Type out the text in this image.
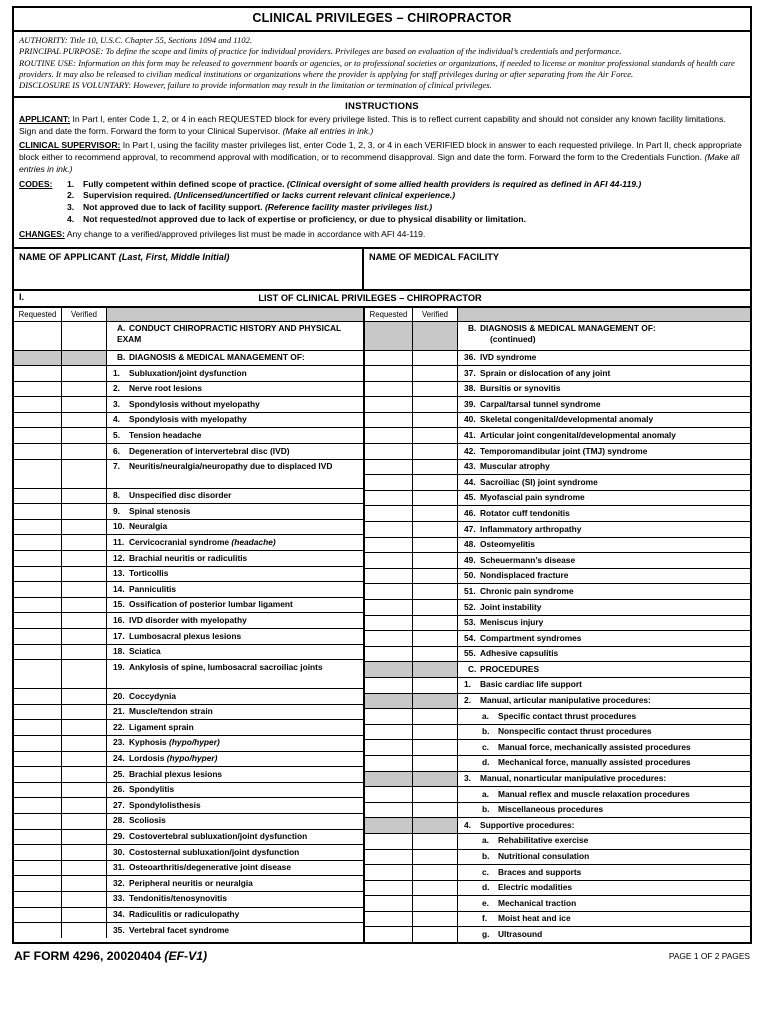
CLINICAL PRIVILEGES – CHIROPRACTOR

AUTHORITY: Title 10, U.S.C. Chapter 55, Sections 1094 and 1102.

PRINCIPAL PURPOSE: To define the scope and limits of practice for individual providers. Privileges are based on evaluation of the individual’s credentials and performance.

ROUTINE USE: Information on this form may be released to government boards or agencies, or to professional societies or organizations, if needed to license or monitor professional standards of health care providers. It may also be released to civilian medical institutions or organizations where the provider is applying for staff privileges during or after separating from the Air Force.

DISCLOSURE IS VOLUNTARY: However, failure to provide information may result in the limitation or termination of clinical privileges.

INSTRUCTIONS

APPLICANT: In Part I, enter Code 1, 2, or 4 in each REQUESTED block for every privilege listed. This is to reflect current capability and should not consider any known facility limitations. Sign and date the form. Forward the form to your Clinical Supervisor. (Make all entries in ink.)

CLINICAL SUPERVISOR: In Part I, using the facility master privileges list, enter Code 1, 2, 3, or 4 in each VERIFIED block in answer to each requested privilege. In Part II, check appropriate block either to recommend approval, to recommend approval with modification, or to recommend disapproval. Sign and date the form. Forward the form to the Credentials Function. (Make all entries in ink.)

CODES:	1.	Fully competent within defined scope of practice. (Clinical oversight of some allied health providers is required as defined in AFI 44-119.)
2.	Supervision required. (Unlicensed/uncertified or lacks current relevant clinical experience.)
3.	Not approved due to lack of facility support. (Reference facility master privileges list.)
4.	Not requested/not approved due to lack of expertise or proficiency, or due to physical disability or limitation.

CHANGES: Any change to a verified/approved privileges list must be made in accordance with AFI 44-119.

NAME OF APPLICANT (Last, First, Middle Initial)	NAME OF MEDICAL FACILITY
I.	LIST OF CLINICAL PRIVILEGES – CHIROPRACTOR
Requested	Verified
A. CONDUCT CHIROPRACTIC HISTORY AND PHYSICAL EXAM
B. DIAGNOSIS & MEDICAL MANAGEMENT OF:
1. Subluxation/joint dysfunction
2. Nerve root lesions
3. Spondylosis without myelopathy
4. Spondylosis with myelopathy
5. Tension headache
6. Degeneration of intervertebral disc (IVD)
7. Neuritis/neuralgia/neuropathy due to displaced IVD
8. Unspecified disc disorder
9. Spinal stenosis
10. Neuralgia
11. Cervicocranial syndrome (headache)
12. Brachial neuritis or radiculitis
13. Torticollis
14. Panniculitis
15. Ossification of posterior lumbar ligament
16. IVD disorder with myelopathy
17. Lumbosacral plexus lesions
18. Sciatica
19. Ankylosis of spine, lumbosacral sacroiliac joints
20. Coccydynia
21. Muscle/tendon strain
22. Ligament sprain
23. Kyphosis (hypo/hyper)
24. Lordosis (hypo/hyper)
25. Brachial plexus lesions
26. Spondylitis
27. Spondylolisthesis
28. Scoliosis
29. Costovertebral subluxation/joint dysfunction
30. Costosternal subluxation/joint dysfunction
31. Osteoarthritis/degenerative joint disease
32. Peripheral neuritis or neuralgia
33. Tendonitis/tenosynovitis
34. Radiculitis or radiculopathy
35. Vertebral facet syndrome
Requested	Verified
B. DIAGNOSIS & MEDICAL MANAGEMENT OF:
(continued)
36. IVD syndrome
37. Sprain or dislocation of any joint
38. Bursitis or synovitis
39. Carpal/tarsal tunnel syndrome
40. Skeletal congenital/developmental anomaly
41. Articular joint congenital/developmental anomaly
42. Temporomandibular joint (TMJ) syndrome
43. Muscular atrophy
44. Sacroiliac (SI) joint syndrome
45. Myofascial pain syndrome
46. Rotator cuff tendonitis
47. Inflammatory arthropathy
48. Osteomyelitis
49. Scheuermann’s disease
50. Nondisplaced fracture
51. Chronic pain syndrome
52. Joint instability
53. Meniscus injury
54. Compartment syndromes
55. Adhesive capsulitis
C. PROCEDURES
1. Basic cardiac life support
2. Manual, articular manipulative procedures:
a. Specific contact thrust procedures
b. Nonspecific contact thrust procedures
c. Manual force, mechanically assisted procedures
d. Mechanical force, manually assisted procedures
3. Manual, nonarticular manipulative procedures:
a. Manual reflex and muscle relaxation procedures
b. Miscellaneous procedures
4. Supportive procedures:
a. Rehabilitative exercise
b. Nutritional consulation
c. Braces and supports
d. Electric modalities
e. Mechanical traction
f. Moist heat and ice
g. Ultrasound
AF FORM 4296, 20020404 (EF-V1)	PAGE 1 OF 2 PAGES
